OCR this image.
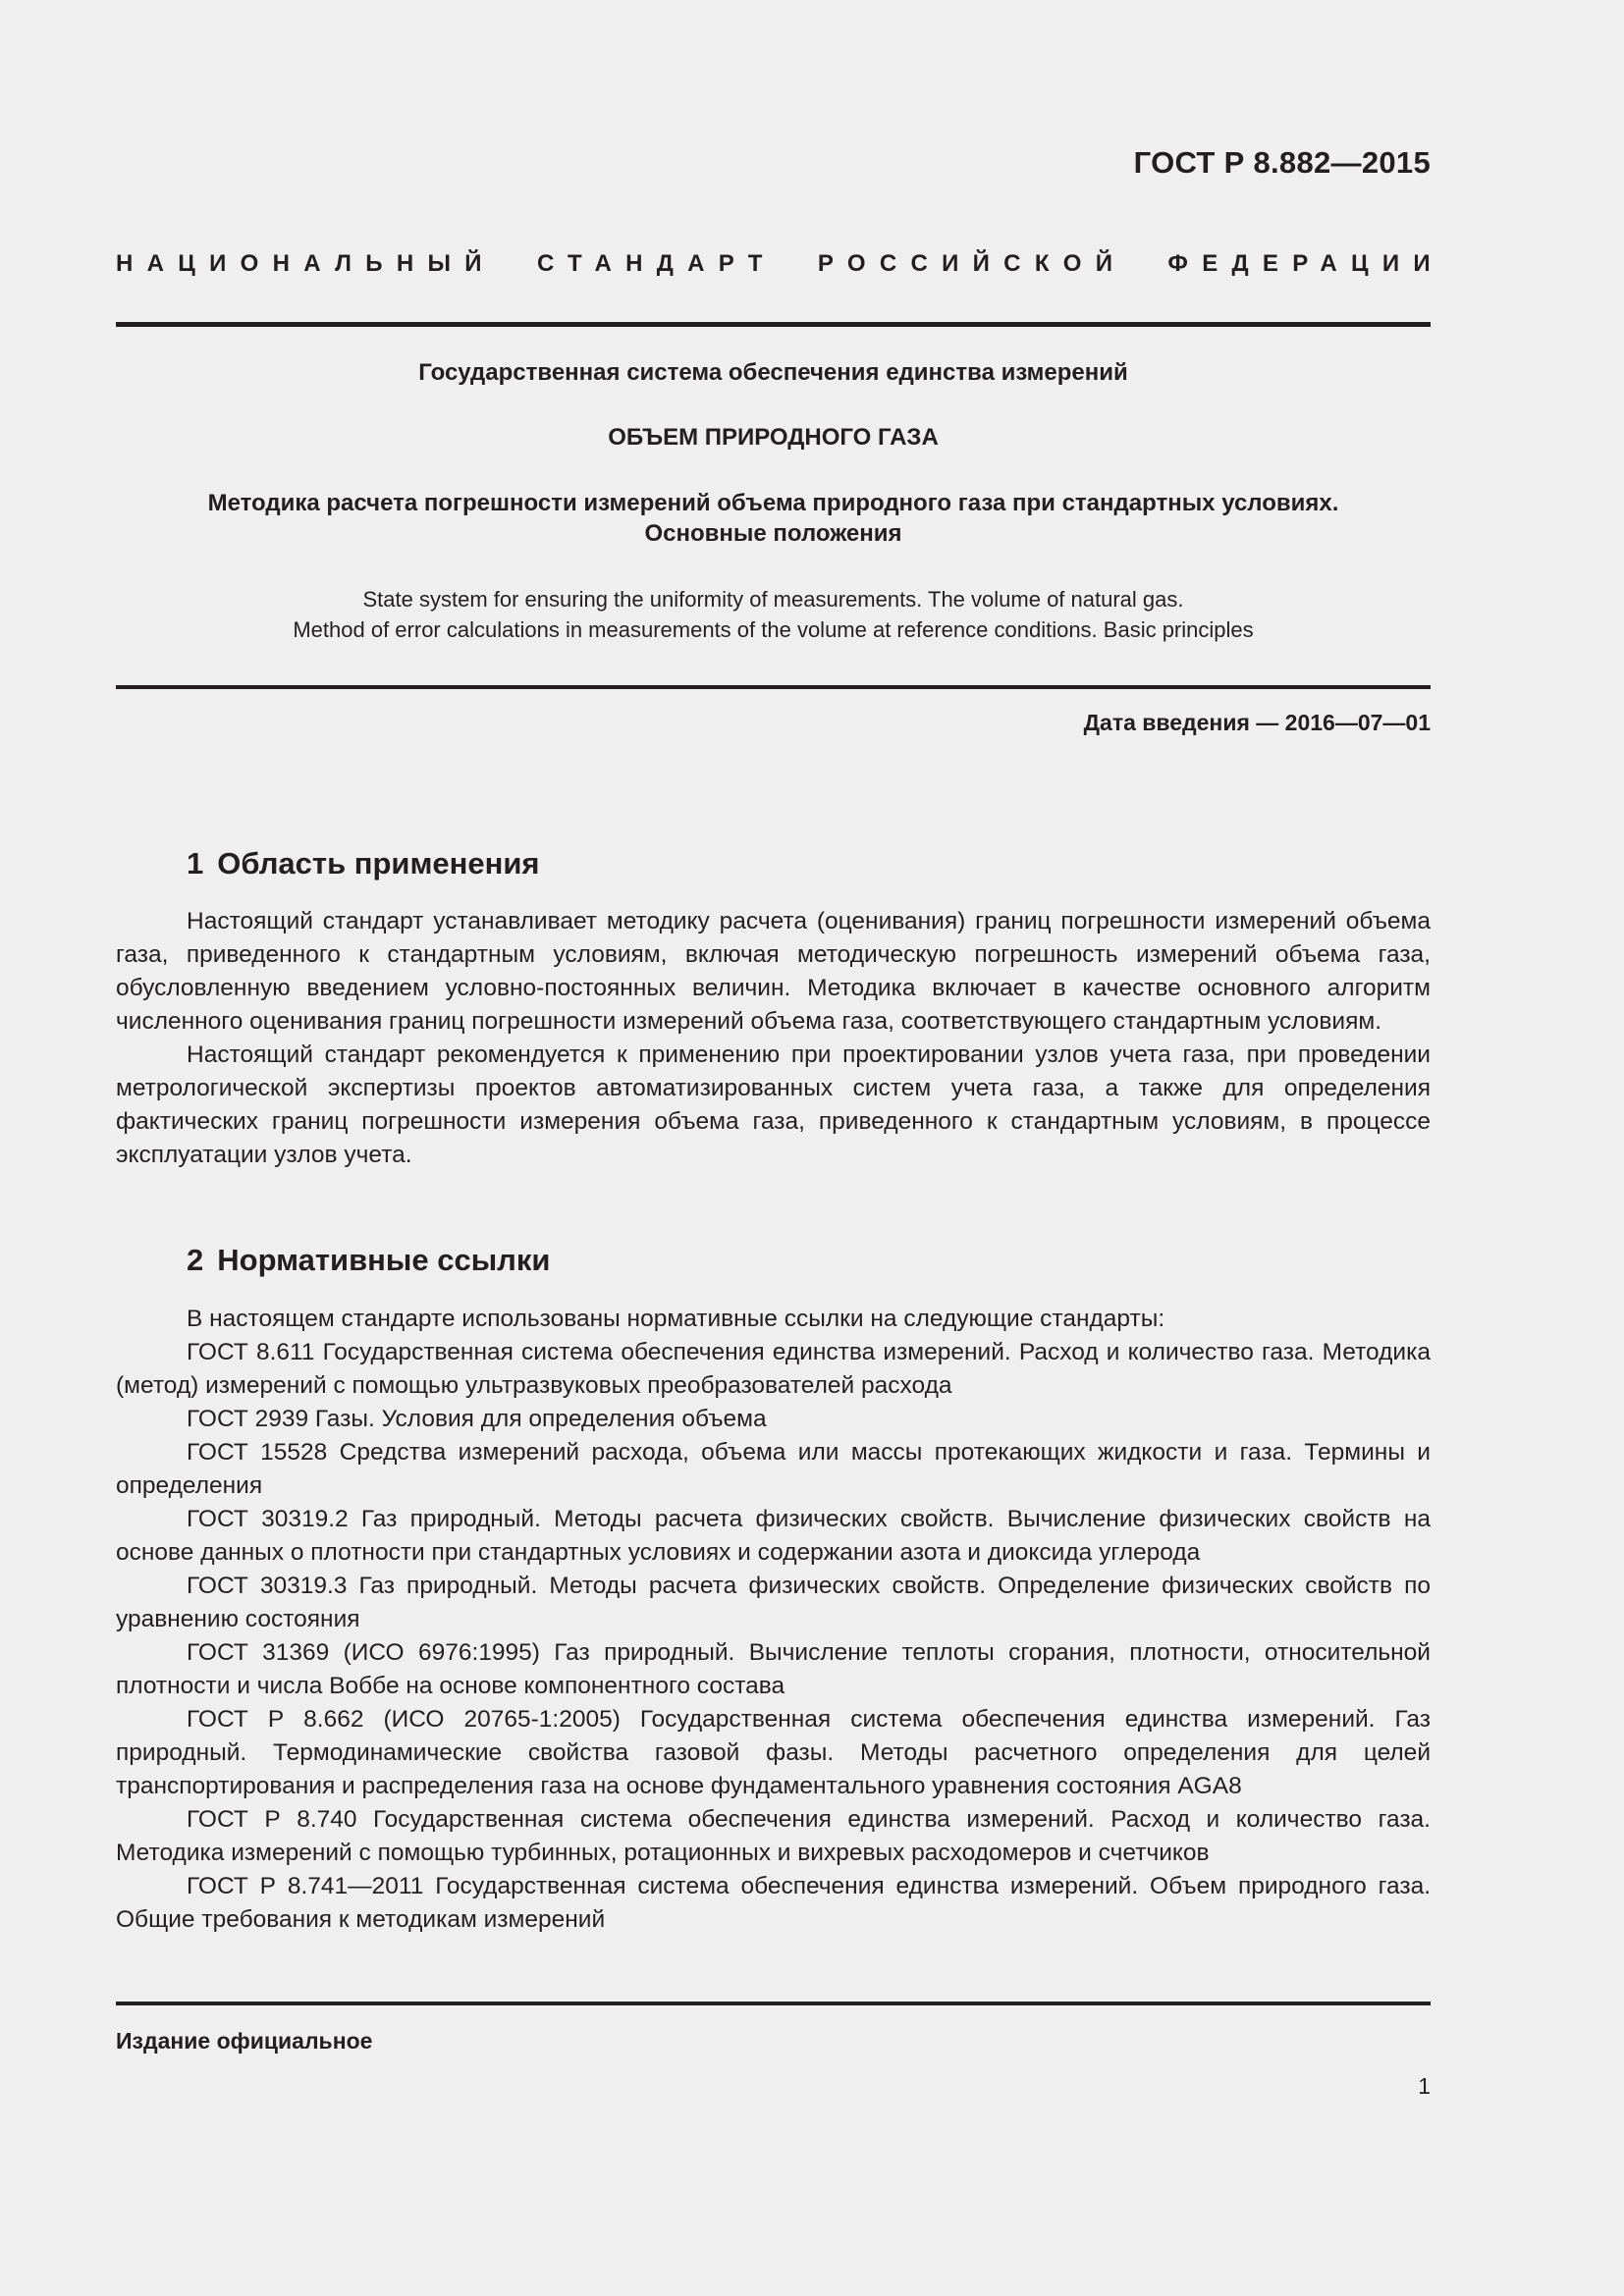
ГОСТ Р 8.882—2015
НАЦИОНАЛЬНЫЙ СТАНДАРТ РОССИЙСКОЙ ФЕДЕРАЦИИ
Государственная система обеспечения единства измерений
ОБЪЕМ ПРИРОДНОГО ГАЗА
Методика расчета погрешности измерений объема природного газа при стандартных условиях.
Основные положения
State system for ensuring the uniformity of measurements. The volume of natural gas.
Method of error calculations in measurements of the volume at reference conditions. Basic principles
Дата введения — 2016—07—01
1 Область применения

Настоящий стандарт устанавливает методику расчета (оценивания) границ погрешности измерений объема газа, приведенного к стандартным условиям, включая методическую погрешность измерений объема газа, обусловленную введением условно-постоянных величин. Методика включает в качестве основного алгоритм численного оценивания границ погрешности измерений объема газа, соответствующего стандартным условиям.

Настоящий стандарт рекомендуется к применению при проектировании узлов учета газа, при проведении метрологической экспертизы проектов автоматизированных систем учета газа, а также для определения фактических границ погрешности измерения объема газа, приведенного к стандартным условиям, в процессе эксплуатации узлов учета.

2 Нормативные ссылки

В настоящем стандарте использованы нормативные ссылки на следующие стандарты:

ГОСТ 8.611 Государственная система обеспечения единства измерений. Расход и количество газа. Методика (метод) измерений с помощью ультразвуковых преобразователей расхода

ГОСТ 2939 Газы. Условия для определения объема

ГОСТ 15528 Средства измерений расхода, объема или массы протекающих жидкости и газа. Термины и определения

ГОСТ 30319.2 Газ природный. Методы расчета физических свойств. Вычисление физических свойств на основе данных о плотности при стандартных условиях и содержании азота и диоксида углерода

ГОСТ 30319.3 Газ природный. Методы расчета физических свойств. Определение физических свойств по уравнению состояния

ГОСТ 31369 (ИСО 6976:1995) Газ природный. Вычисление теплоты сгорания, плотности, относительной плотности и числа Воббе на основе компонентного состава

ГОСТ Р 8.662 (ИСО 20765-1:2005) Государственная система обеспечения единства измерений. Газ природный. Термодинамические свойства газовой фазы. Методы расчетного определения для целей транспортирования и распределения газа на основе фундаментального уравнения состояния AGA8

ГОСТ Р 8.740 Государственная система обеспечения единства измерений. Расход и количество газа. Методика измерений с помощью турбинных, ротационных и вихревых расходомеров и счетчиков

ГОСТ Р 8.741—2011 Государственная система обеспечения единства измерений. Объем природного газа. Общие требования к методикам измерений

Издание официальное
1
